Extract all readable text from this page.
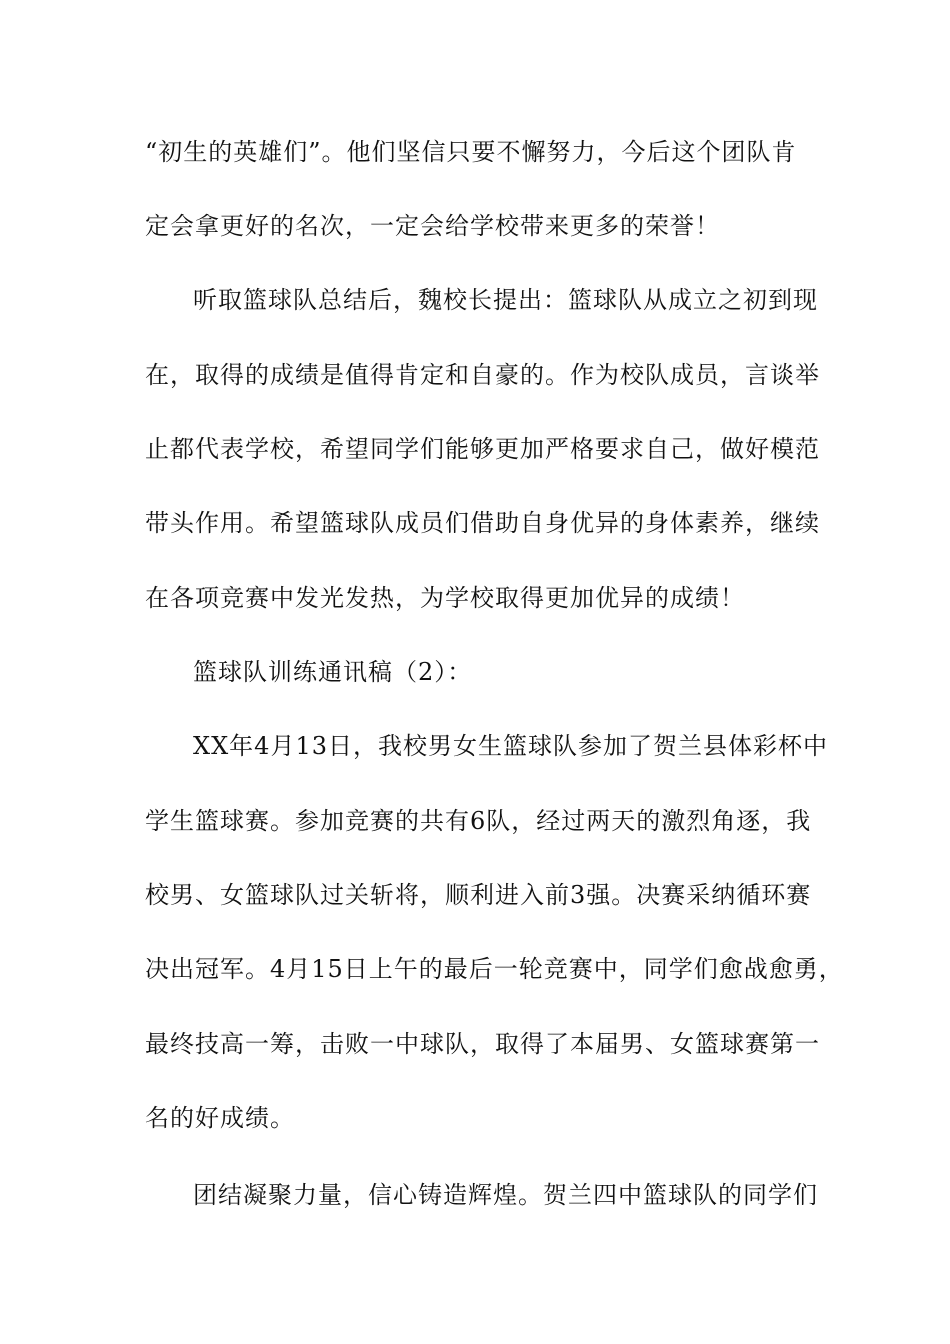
“初生的英雄们”。他们坚信只要不懈努力，今后这个团队肯
定会拿更好的名次，一定会给学校带来更多的荣誉！
听取篮球队总结后，魏校长提出：篮球队从成立之初到现
在，取得的成绩是值得肯定和自豪的。作为校队成员，言谈举
止都代表学校，希望同学们能够更加严格要求自己，做好模范
带头作用。希望篮球队成员们借助自身优异的身体素养，继续
在各项竞赛中发光发热，为学校取得更加优异的成绩！
篮球队训练通讯稿（2）：
XX年4月13日，我校男女生篮球队参加了贺兰县体彩杯中
学生篮球赛。参加竞赛的共有6队，经过两天的激烈角逐，我
校男、女篮球队过关斩将，顺利进入前3强。决赛采纳循环赛
决出冠军。4月15日上午的最后一轮竞赛中，同学们愈战愈勇，
最终技高一筹，击败一中球队，取得了本届男、女篮球赛第一
名的好成绩。
团结凝聚力量，信心铸造辉煌。贺兰四中篮球队的同学们
